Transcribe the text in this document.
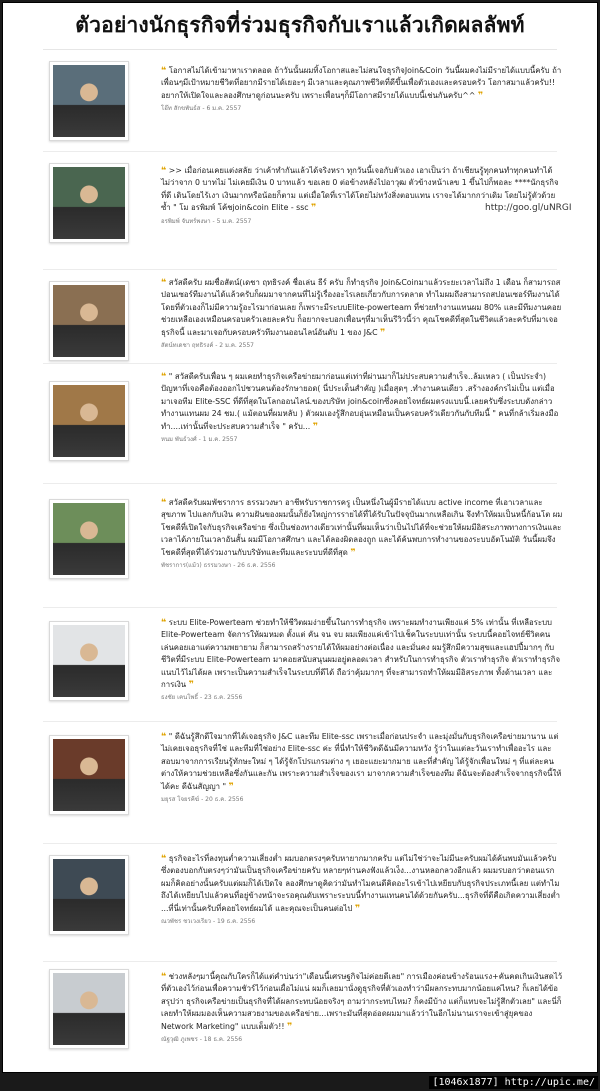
ตัวอย่างนักธุรกิจที่ร่วมธุรกิจกับเราแล้วเกิดผลลัพท์
❝ โอกาสไม่ได้เข้ามาหาเราตลอด ถ้าวันนั้นผมทิ้งโอกาสและไม่สนใจธุรกิจJoin&Coin วันนี้ผมคงไม่มีรายได้แบบนี้ครับ ถ้าเพื่อนๆมีเป้าหมายชีวิตที่อยากมีรายได้เยอะๆ มีเวลาและคุณภาพชีวิตที่ดีขึ้นเพื่อตัวเองและครอบครัว โอกาสมาแล้วครับ!! อยากให้เปิดใจและลองศึกษาดูก่อนนะครับ เพราะเพื่อนๆก็มีโอกาสมีรายได้แบบนี้เช่นกันครับ^^ ❞
โอ๊ท สักขพันธ์ส - 6 ม.ค. 2557
❝ >> เมื่อก่อนเคยแต่งสลัย ว่าเค้าทำกันแล้วได้จริงหรา ทุกวันนี้เจอกับตัวเอง เอาเป็นว่า ถ้าเชียนรู้ทุกคนทำทุกคนทำได้ ไม่ว่าจาก 0 บาทไม่ ไม่เคยมีเงิน 0 บาทแล้ว ขอเลย 0 ต่อข้างหลังไปอาวุฒ ตัวข้างหน้าเลข 1 ขึ้นไปก็พอละ ****นักธุรกิจที่ดี เดินโดยไร้เงา เงินมากหรือน้อยก็ตาม แต่เมื่อใดที่เราได้โดยไม่หวังสิ่งตอบแทน เราจะได้มากกว่าเดิม โดยไม่รู้ตัวด้วยซ้ำ " โม อรพิมพ์ โค้ชjoin&coin Elite - ssc ❞
อรพิมพ์ จันทร์พงษา - 5 ม.ค. 2557
❝ สวัสดีครับ ผมชื่อสัตน์(เดชา ฤทธิรงค์ ชื่อเล่น ธีร์ ครับ ก็ทำธุรกิจ Join&Coinมาแล้วระยะเวลาไม่ถึง 1 เดือน ก็สามารถสปอนเซอร์ทีมงานได้แล้วครับก็ผมมาจากคนที่ไม่รู้เรื่องอะไรเลยเกี่ยวกับการตลาด ทำไมผมถึงสามารถสปอนเซอร์ทีมงานได้โดยที่ตัวเองก็ไม่มีความรู้อะไรมาก่อนเลย ก็เพราะมีระบบElite-powerteam ที่ช่วยทำงานแทนผม 80% และมีทีมงานคอยช่วยเหลือเองเหมือนครอบครัวเลยละครับ ก็อยากจะบอกเพื่อนๆที่มาเห็นรีวิวนี้ว่า คุณโชคดีที่สุดในชีวิตแล้วละครับที่มาเจอธุรกิจนี้ และมาเจอกับครอบครัวทีมงานออนไลน์อันดับ 1 ของ J&C ❞
สัตน์ทเดชา ฤทธิรงค์ - 2 ม.ค. 2557
❝ " สวัสดีครับเพื่อน ๆ ผมเคยทำธุรกิจเครือข่ายมาก่อนแต่เท่าที่ผ่านมาก็ไม่ประสบความสำเร็จ..ล้มเหลว ( เป็นประจำ) ปัญหาที่เจอคือต้องออกไปชวนคนต้องรักษายอด( นี่ประเด็นสำคัญ )เมื่อสุดๆ .ทำงานคนเดียว .สร้างองค์กรไม่เป็น แต่เมื่อมาเจอทีม Elite-SSC ที่ดีที่สุดในโลกออนไลน์.ของบริษัท join&coinซึ่งคอยไจทย์ผมตรงแบบนี้.เลยครับซึ่งระบบดังกล่าวทำงานแทนผม 24 ชม.( แม้ตอนที่ผมหลับ ) ตัวผมเองรู้สึกอบอุ่นเหมือนเป็นครอบครัวเดียวกันกับทีมนี้ " คนที่กล้าเริ่มลงมือทำ....เท่านั้นที่จะประสบความสำเร็จ " ครับ... ❞
หนม พันธ์วงศ์ - 1 ม.ค. 2557
❝ สวัสดีครับผมพัชราการ ธรรมวงษา อาชีพรับราชการครู เป็นหนึ่งในผู้มีรายได้แบบ active income ที่เอาเวลาและ สุขภาพ ไปแลกกับเงิน ความฝันของผมนั้นก็ยังใหญ่การรายได้ที่ได้รับในปัจจุบันมากเหลือเกิน จึงทำให้ผมเป็นหนี้ก้อนโต ผมโชคดีที่เปิดใจกับธุรกิจเครือข่าย ซึ่งเป็นช่องทางเดียวเท่านั้นที่ผมเห็นว่าเป็นไปได้ที่จะช่วยให้ผมมีอิสระภาพทางการเงินและเวลาได้ภายในเวลาอันสั้น ผมมีโอกาสศึกษา และได้ลองผิดลองถูก และได้ค้นพบการทำงานของระบบอัตโนมัติ วันนี้ผมจึงโชคดีที่สุดที่ได้ร่วมงานกับบริษัทและทีมและระบบที่ดีที่สุด ❞
พัชราการ(แม้ว) ธรรมวงษา - 26 ธ.ค. 2556
❝ ระบบ Elite-Powerteam ช่วยทำให้ชีวิตผมง่ายขึ้นในการทำธุรกิจ เพราะผมทำงานเพียงแค่ 5% เท่านั้น ที่เหลือระบบ Elite-Powerteam จัดการให้ผมหมด ตั้งแต่ คัน จน จบ ผมเพียงแค่เข้าไปเช็คในระบบเท่านั้น ระบบนี้คอยไจทย์ชีวิตคนเล่นคอยเอาแต่ความพยายาม ก็สามารถสร้างรายได้ให้ผมอย่างต่อเนื่อง และมั่นคง ผมรู้สึกมีความสุขและแฮปปี้มากๆ กับชีวิตที่มีระบบ Elite-Powerteam มาคอยสนับสนุนผมอยู่ตลอดเวลา สำหรับในการทำธุรกิจ ตัวเราทำธุรกิจ ตัวเราทำธุรกิจแนบไว้ไม่ได้ผล เพราะเป็นความสำเร็จในระบบที่ดีได้ ถือว่าคุ้มมากๆ ที่จะสามารถทำให้ผมมีอิสระภาพ ทั้งด้านเวลา และการเงิน ❞
ธงชัย เคนโพธิ์ - 23 ธ.ค. 2556
❝ " ดีฉันรู้สึกดีใจมากที่ได้เจอธุรกิจ J&C และทีม Elite-ssc เพราะเมื่อก่อนประจำ และมุ่งมั่นกับธุรกิจเครือข่ายมานาน แต่ไม่เคยเจอธุรกิจที่ใช่ และทีมที่ใช่อย่าง Elite-ssc ค่ะ ที่นี่ทำให้ชีวิตดีฉันมีความหวัง รู้ว่าในแต่ละวันเราทำเพื่ออะไร และสอบมาจากการเรียนรู้ทักษะใหม่ ๆ ได้รู้จักโปรแกรมต่าง ๆ เยอะแยะมากมาย และที่สำคัญ ได้รู้จักเพื่อนใหม่ ๆ ที่แต่ละคน ต่างให้ความช่วยเหลือซึ่งกันและกัน เพราะความสำเร็จของเรา มาจากความสำเร็จของทีม ดีฉันจะต้องสำเร็จจากธุรกิจนี้ให้ได้คะ ดีฉันสัญญา " ❞
มยุรส โจยรคีฆ์ - 20 ธ.ค. 2556
❝ ธุรกิจอะไรที่ลงทุนต่ำความเสี่ยงต่ำ ผมบอกตรงๆครับหายากมากครับ แต่ไม่ใช่ว่าจะไม่มีนะครับผมได้ค้นพบมันแล้วครับซึ่งตองบอกกับตรงๆว่ามันเป็นธุรกิจเครือข่ายครับ หลายๆท่านคงฟังแล้วเง็ง...งานหลอกลวงอีกแล้ว ผมมรบอกว่าตอนแรกผมก็คิดอย่างนั้นครับแต่ผมก็ได้เปิดใจ ลองศึกษาดูคิดว่ามันทำไมคนดีคิดอะไรเข้าไปเหยียบกับธุรกิจประเภทนี้เลย แต่ทำไมถึงได้เหยียบไปแล้วคนที่อยู่ข้างหน้าจะรอคุณดับเพราะระบบนี้ทำงานแทนคนได้ด้วยกันครับ...ธุรกิจที่ดีคือเกิดความเสี่ยงต่ำ ...ที่นี่เท่านั้นครับที่คอยไจทย์ผมได้ และคุณจะเป็นคนต่อไป ❞
ณวพัชร ชวเวงเรียว - 19 ธ.ค. 2556
❝ ช่วงหลังๆมานี้คุณกับใครก็ได้แต่คำบ่นว่า"เดือนนี้เศรษฐกิจไม่ค่อยดีเลย" การเมืองค่อนข้างร้อนแรง+คันคดเกินเงินสดไว้ที่ตัวเองไว้ก่อนเพื่อความชัวร์ไว้ก่อนเผื่อไม่แน่ ผมก็เลยมานั่งดูธุรกิจที่ตัวเองทำว่ามีผลกระทบมากน้อยแค่ไหน? ก็เลยได้ข้อสรุปว่า ธุรกิจเครือข่ายเป็นธุรกิจที่ได้ผลกระทบน้อยจริงๆ ถามว่ากระทบไหม? ก็คงมีบ้าง แต่ก็แทบจะไม่รู้สึกตัวเลย" และนี่ก็เลยทำให้ผมมองเห็นความสวยงามของเครือข่าย...เพราะมันที่สุดอ่อดผมมาแล้วว่าในอีกไม่นานเราจะเข้าสู่ยุคของ Network Marketing" แบบเต็มตัว!! ❞
ณัฐวุฒิ ภูเพชร - 18 ธ.ค. 2556
http://goo.gl/uNRGI
[1046x1877] http://upic.me/
